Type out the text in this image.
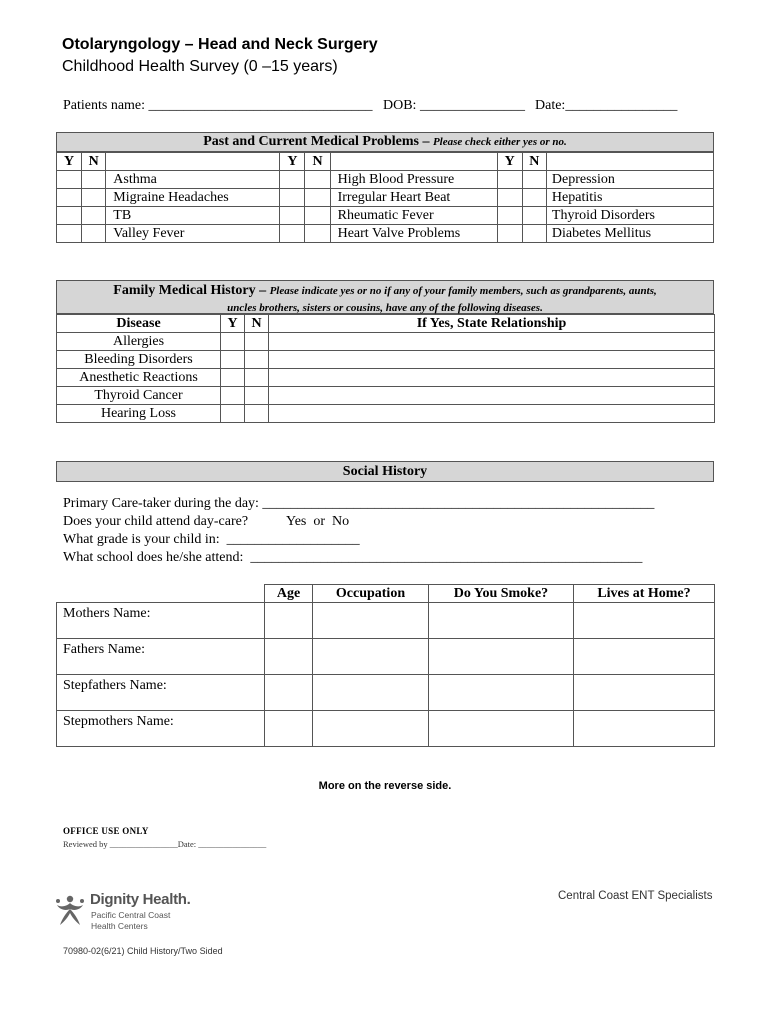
Otolaryngology – Head and Neck Surgery
Childhood Health Survey (0 –15 years)
Patients name: ________________________________ DOB: _______________ Date:________________
Past and Current Medical Problems – Please check either yes or no.
Y	N		Y	N		Y	N	
		Asthma			High Blood Pressure			Depression
		Migraine Headaches			Irregular Heart Beat			Hepatitis
		TB			Rheumatic Fever			Thyroid Disorders
		Valley Fever			Heart Valve Problems			Diabetes Mellitus
Family Medical History – Please indicate yes or no if any of your family members, such as grandparents, aunts,
uncles brothers, sisters or cousins, have any of the following diseases.
Disease	Y	N	If Yes, State Relationship
Allergies			
Bleeding Disorders			
Anesthetic Reactions			
Thyroid Cancer			
Hearing Loss			
Social History
Primary Care-taker during the day: ________________________________________________________
Does your child attend day-care?	Yes  or  No
What grade is your child in:  ___________________
What school does he/she attend:  ________________________________________________________
	Age	Occupation	Do You Smoke?	Lives at Home?
Mothers Name:				
Fathers Name:				
Stepfathers Name:				
Stepmothers Name:				
More on the reverse side.
OFFICE USE ONLY
Reviewed by ________________Date: ________________
Dignity Health.
Pacific Central Coast
Health Centers
Central Coast ENT Specialists
70980-02(6/21) Child History/Two Sided
